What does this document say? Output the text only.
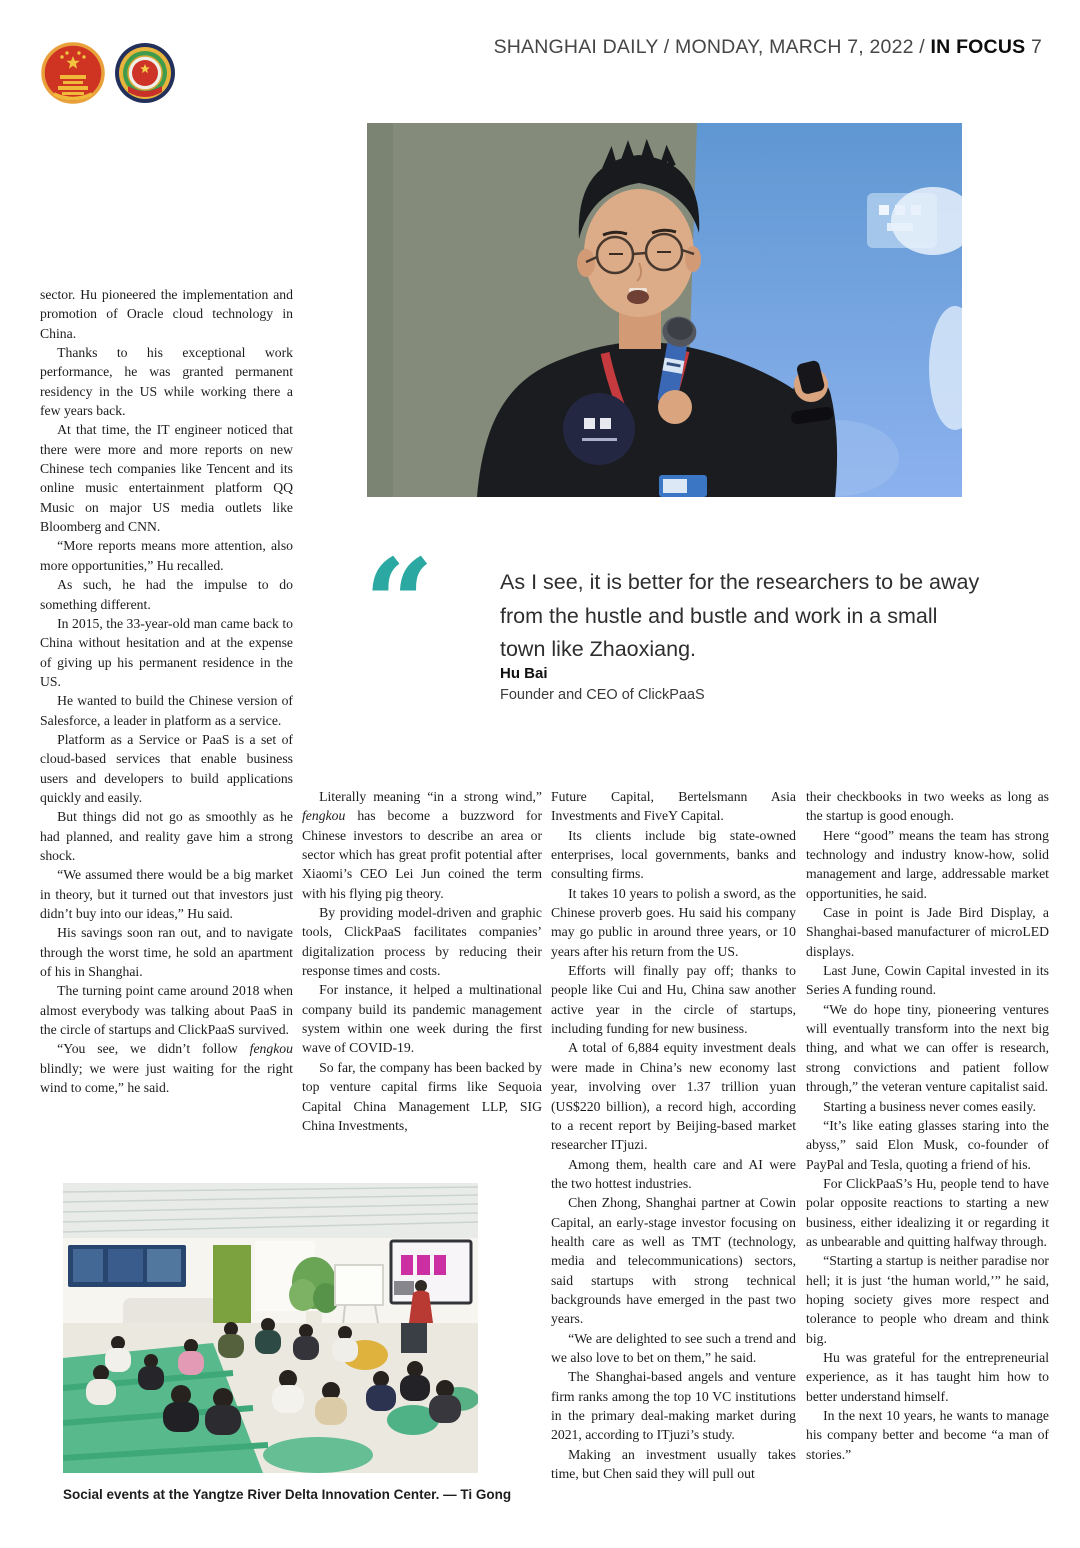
SHANGHAI DAILY / MONDAY, MARCH 7, 2022 / IN FOCUS 7
“	As I see, it is better for the researchers to be away from the hustle and bustle and work in a small town like Zhaoxiang.
Hu Bai
Founder and CEO of ClickPaaS

sector. Hu pioneered the implementation and promotion of Oracle cloud technology in China.

Thanks to his exceptional work performance, he was granted permanent residency in the US while working there a few years back.

At that time, the IT engineer noticed that there were more and more reports on new Chinese tech companies like Tencent and its online music entertainment platform QQ Music on major US media outlets like Bloomberg and CNN.

“More reports means more attention, also more opportunities,” Hu recalled.

As such, he had the impulse to do something different.

In 2015, the 33-year-old man came back to China without hesitation and at the expense of giving up his permanent residence in the US.

He wanted to build the Chinese version of Salesforce, a leader in platform as a service.

Platform as a Service or PaaS is a set of cloud-based services that enable business users and developers to build applications quickly and easily.

But things did not go as smoothly as he had planned, and reality gave him a strong shock.

“We assumed there would be a big market in theory, but it turned out that investors just didn’t buy into our ideas,” Hu said.

His savings soon ran out, and to navigate through the worst time, he sold an apartment of his in Shanghai.

The turning point came around 2018 when almost everybody was talking about PaaS in the circle of startups and ClickPaaS survived.

“You see, we didn’t follow fengkou blindly; we were just waiting for the right wind to come,” he said.

Literally meaning “in a strong wind,” fengkou has become a buzzword for Chinese investors to describe an area or sector which has great profit potential after Xiaomi’s CEO Lei Jun coined the term with his flying pig theory.

By providing model-driven and graphic tools, ClickPaaS facilitates companies’ digitalization process by reducing their response times and costs.

For instance, it helped a multinational company build its pandemic management system within one week during the first wave of COVID-19.

So far, the company has been backed by top venture capital firms like Sequoia Capital China Management LLP, SIG China Investments,

Future Capital, Bertelsmann Asia Investments and FiveY Capital.

Its clients include big state-owned enterprises, local governments, banks and consulting firms.

It takes 10 years to polish a sword, as the Chinese proverb goes. Hu said his company may go public in around three years, or 10 years after his return from the US.

Efforts will finally pay off; thanks to people like Cui and Hu, China saw another active year in the circle of startups, including funding for new business.

A total of 6,884 equity investment deals were made in China’s new economy last year, involving over 1.37 trillion yuan (US$220 billion), a record high, according to a recent report by Beijing-based market researcher ITjuzi.

Among them, health care and AI were the two hottest industries.

Chen Zhong, Shanghai partner at Cowin Capital, an early-stage investor focusing on health care as well as TMT (technology, media and telecommunications) sectors, said startups with strong technical backgrounds have emerged in the past two years.

“We are delighted to see such a trend and we also love to bet on them,” he said.

The Shanghai-based angels and venture firm ranks among the top 10 VC institutions in the primary deal-making market during 2021, according to ITjuzi’s study.

Making an investment usually takes time, but Chen said they will pull out

their checkbooks in two weeks as long as the startup is good enough.

Here “good” means the team has strong technology and industry know-how, solid management and large, addressable market opportunities, he said.

Case in point is Jade Bird Display, a Shanghai-based manufacturer of microLED displays.

Last June, Cowin Capital invested in its Series A funding round.

“We do hope tiny, pioneering ventures will eventually transform into the next big thing, and what we can offer is research, strong convictions and patient follow through,” the veteran venture capitalist said.

Starting a business never comes easily.

“It’s like eating glasses staring into the abyss,” said Elon Musk, co-founder of PayPal and Tesla, quoting a friend of his.

For ClickPaaS’s Hu, people tend to have polar opposite reactions to starting a new business, either idealizing it or regarding it as unbearable and quitting halfway through.

“Starting a startup is neither paradise nor hell; it is just ‘the human world,’” he said, hoping society gives more respect and tolerance to people who dream and think big.

Hu was grateful for the entrepreneurial experience, as it has taught him how to better understand himself.

In the next 10 years, he wants to manage his company better and become “a man of stories.”

Social events at the Yangtze River Delta Innovation Center. — Ti Gong
